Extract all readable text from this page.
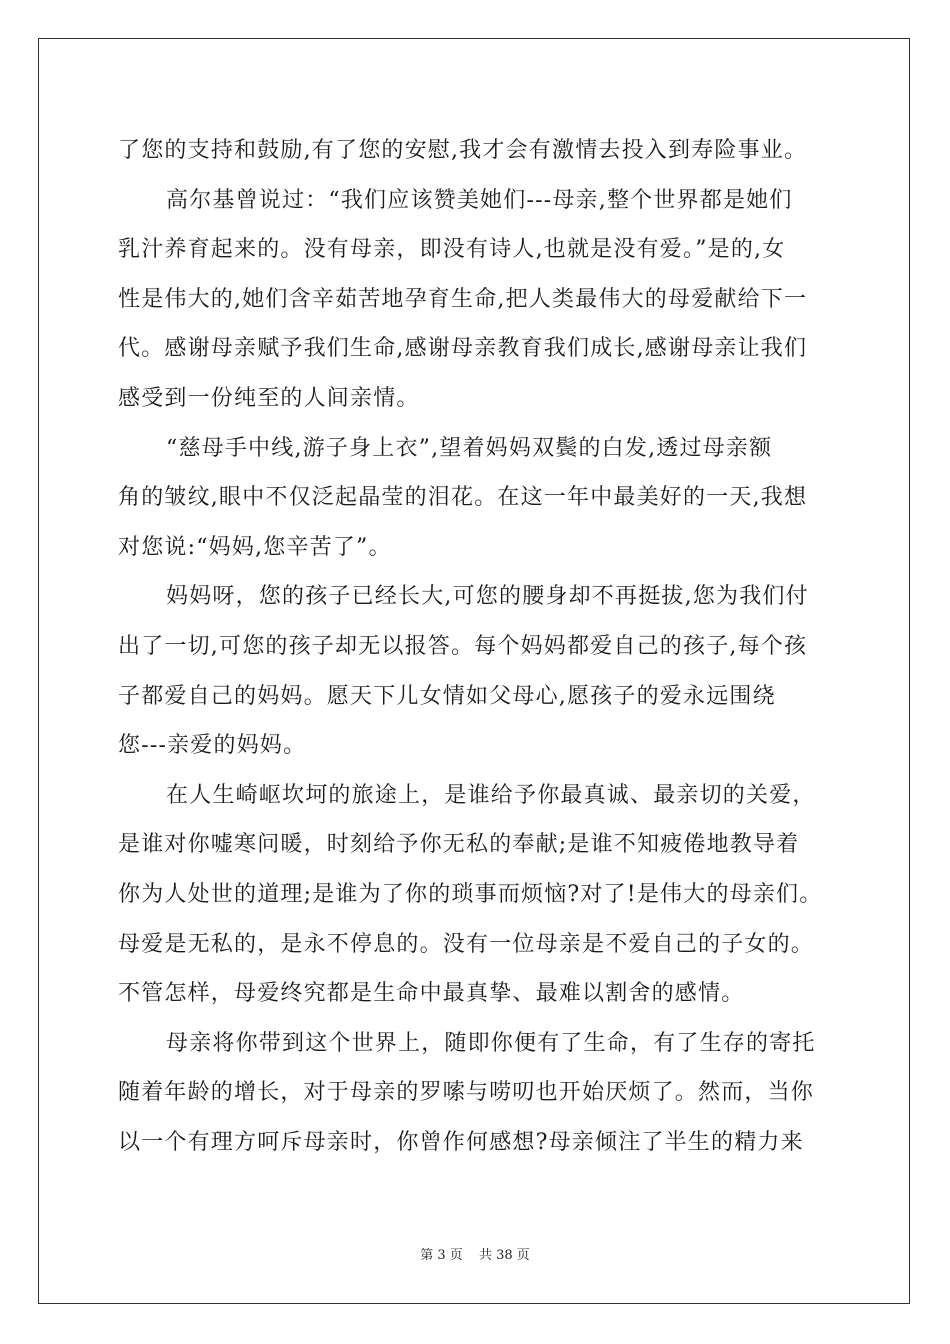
了您的支持和鼓励,有了您的安慰,我才会有激情去投入到寿险事业。
高尔基曾说过：“我们应该赞美她们---母亲,整个世界都是她们
乳汁养育起来的。没有母亲，即没有诗人,也就是没有爱。”是的,女
性是伟大的,她们含辛茹苦地孕育生命,把人类最伟大的母爱献给下一
代。感谢母亲赋予我们生命,感谢母亲教育我们成长,感谢母亲让我们
感受到一份纯至的人间亲情。
“慈母手中线,游子身上衣”,望着妈妈双鬓的白发,透过母亲额
角的皱纹,眼中不仅泛起晶莹的泪花。在这一年中最美好的一天,我想
对您说:“妈妈,您辛苦了”。
妈妈呀，您的孩子已经长大,可您的腰身却不再挺拔,您为我们付
出了一切,可您的孩子却无以报答。每个妈妈都爱自己的孩子,每个孩
子都爱自己的妈妈。愿天下儿女情如父母心,愿孩子的爱永远围绕
您---亲爱的妈妈。
在人生崎岖坎坷的旅途上，是谁给予你最真诚、最亲切的关爱，
是谁对你嘘寒问暖，时刻给予你无私的奉献;是谁不知疲倦地教导着
你为人处世的道理;是谁为了你的琐事而烦恼?对了!是伟大的母亲们。
母爱是无私的，是永不停息的。没有一位母亲是不爱自己的子女的。
不管怎样，母爱终究都是生命中最真挚、最难以割舍的感情。
母亲将你带到这个世界上，随即你便有了生命，有了生存的寄托
随着年龄的增长，对于母亲的罗嗦与唠叨也开始厌烦了。然而，当你
以一个有理方呵斥母亲时，你曾作何感想?母亲倾注了半生的精力来
第 3 页 共 38 页
